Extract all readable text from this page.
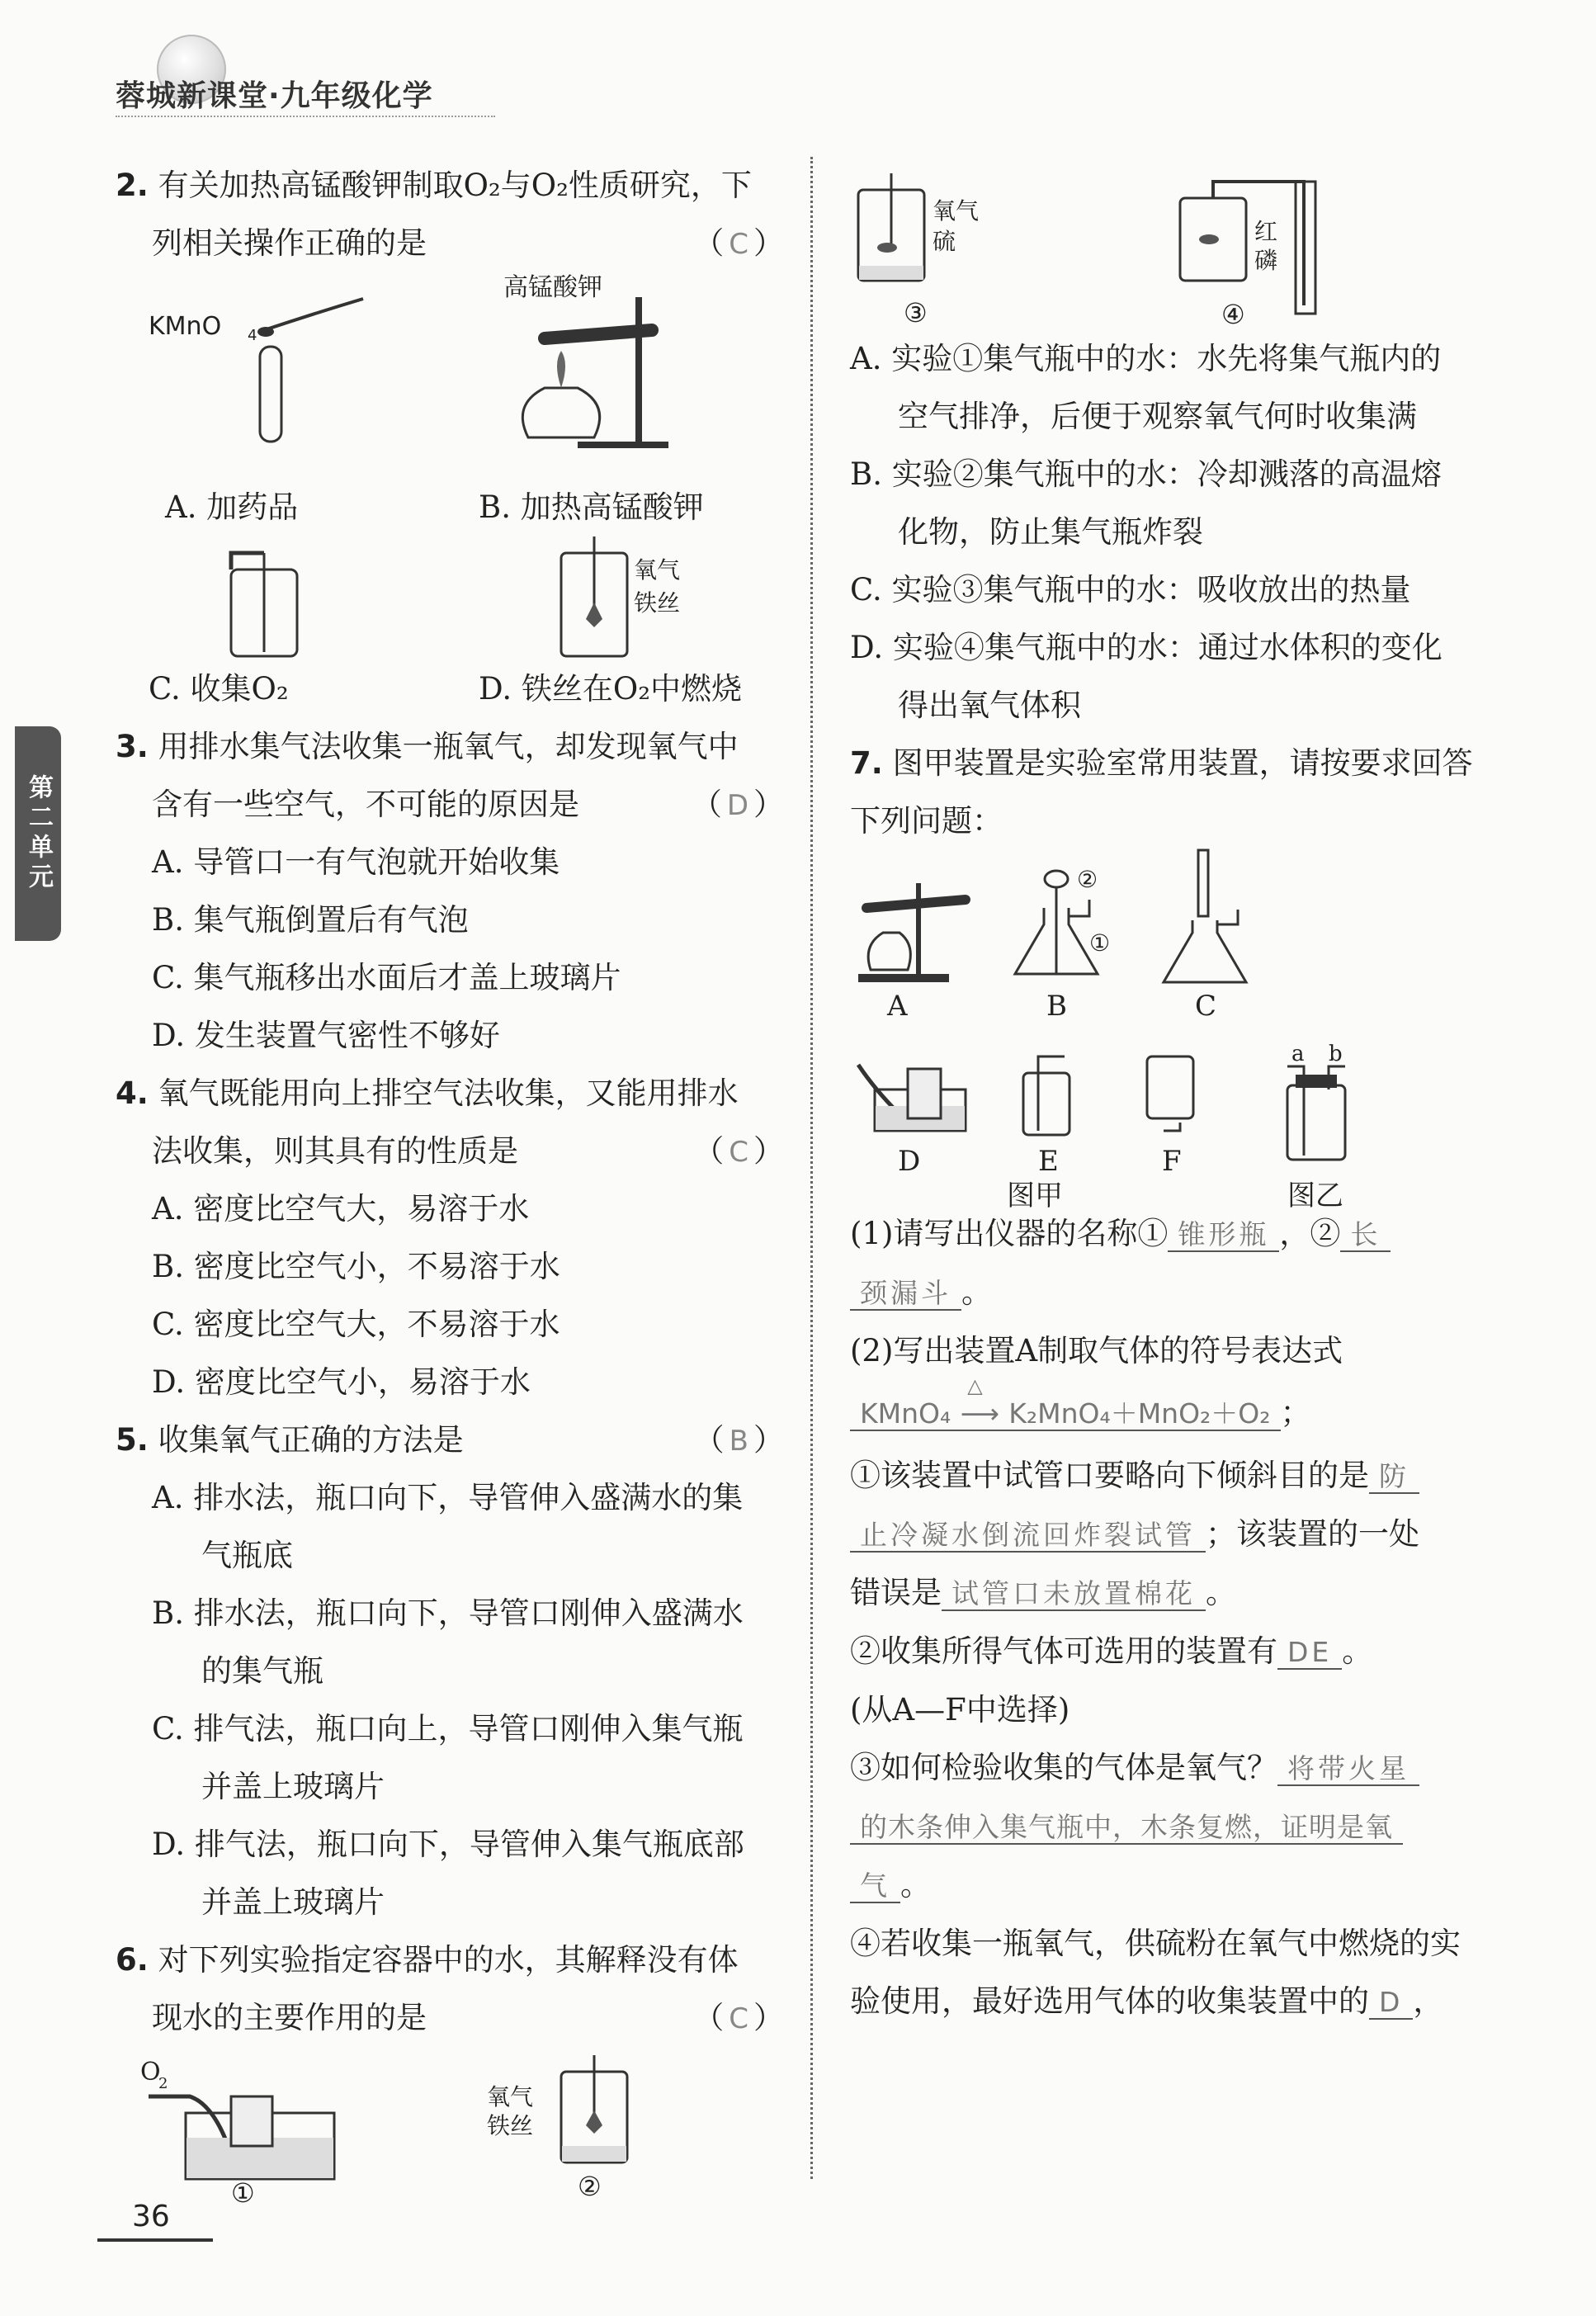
蓉城新课堂·九年级化学
第二单元
2. 有关加热高锰酸钾制取O₂与O₂性质研究，下
列相关操作正确的是	（ C ）
KMnO 4
高锰酸钾
A. 加药品	B. 加热高锰酸钾
氧气
铁丝
C. 收集O₂	D. 铁丝在O₂中燃烧
3. 用排水集气法收集一瓶氧气，却发现氧气中
含有一些空气，不可能的原因是	（ D ）
A. 导管口一有气泡就开始收集
B. 集气瓶倒置后有气泡
C. 集气瓶移出水面后才盖上玻璃片
D. 发生装置气密性不够好
4. 氧气既能用向上排空气法收集，又能用排水
法收集，则其具有的性质是	（ C ）
A. 密度比空气大，易溶于水
B. 密度比空气小，不易溶于水
C. 密度比空气大，不易溶于水
D. 密度比空气小，易溶于水
5. 收集氧气正确的方法是	（ B ）
A. 排水法，瓶口向下，导管伸入盛满水的集
气瓶底
B. 排水法，瓶口向下，导管口刚伸入盛满水
的集气瓶
C. 排气法，瓶口向上，导管口刚伸入集气瓶
并盖上玻璃片
D. 排气法，瓶口向下，导管伸入集气瓶底部
并盖上玻璃片
6. 对下列实验指定容器中的水，其解释没有体
现水的主要作用的是	（ C ）
O
2
①
氧气
铁丝
②
氧气
硫
③
红
磷
④
A. 实验①集气瓶中的水：水先将集气瓶内的
空气排净，后便于观察氧气何时收集满
B. 实验②集气瓶中的水：冷却溅落的高温熔
化物，防止集气瓶炸裂
C. 实验③集气瓶中的水：吸收放出的热量
D. 实验④集气瓶中的水：通过水体积的变化
得出氧气体积
7. 图甲装置是实验室常用装置，请按要求回答
下列问题：
A
②
①
B	C
D	E
图甲
F
a b
图乙
(1)请写出仪器的名称① 锥形瓶 ，② 长
颈漏斗 。
(2)写出装置A制取气体的符号表达式
KMnO₄
△
⟶ K₂MnO₄＋MnO₂＋O₂ ；
①该装置中试管口要略向下倾斜目的是 防
止冷凝水倒流回炸裂试管 ；该装置的一处
错误是 试管口未放置棉花 。
②收集所得气体可选用的装置有 DE 。
(从A—F中选择)
③如何检验收集的气体是氧气？ 将带火星
的木条伸入集气瓶中，木条复燃，证明是氧
气 。
④若收集一瓶氧气，供硫粉在氧气中燃烧的实
验使用，最好选用气体的收集装置中的 D ，
36
